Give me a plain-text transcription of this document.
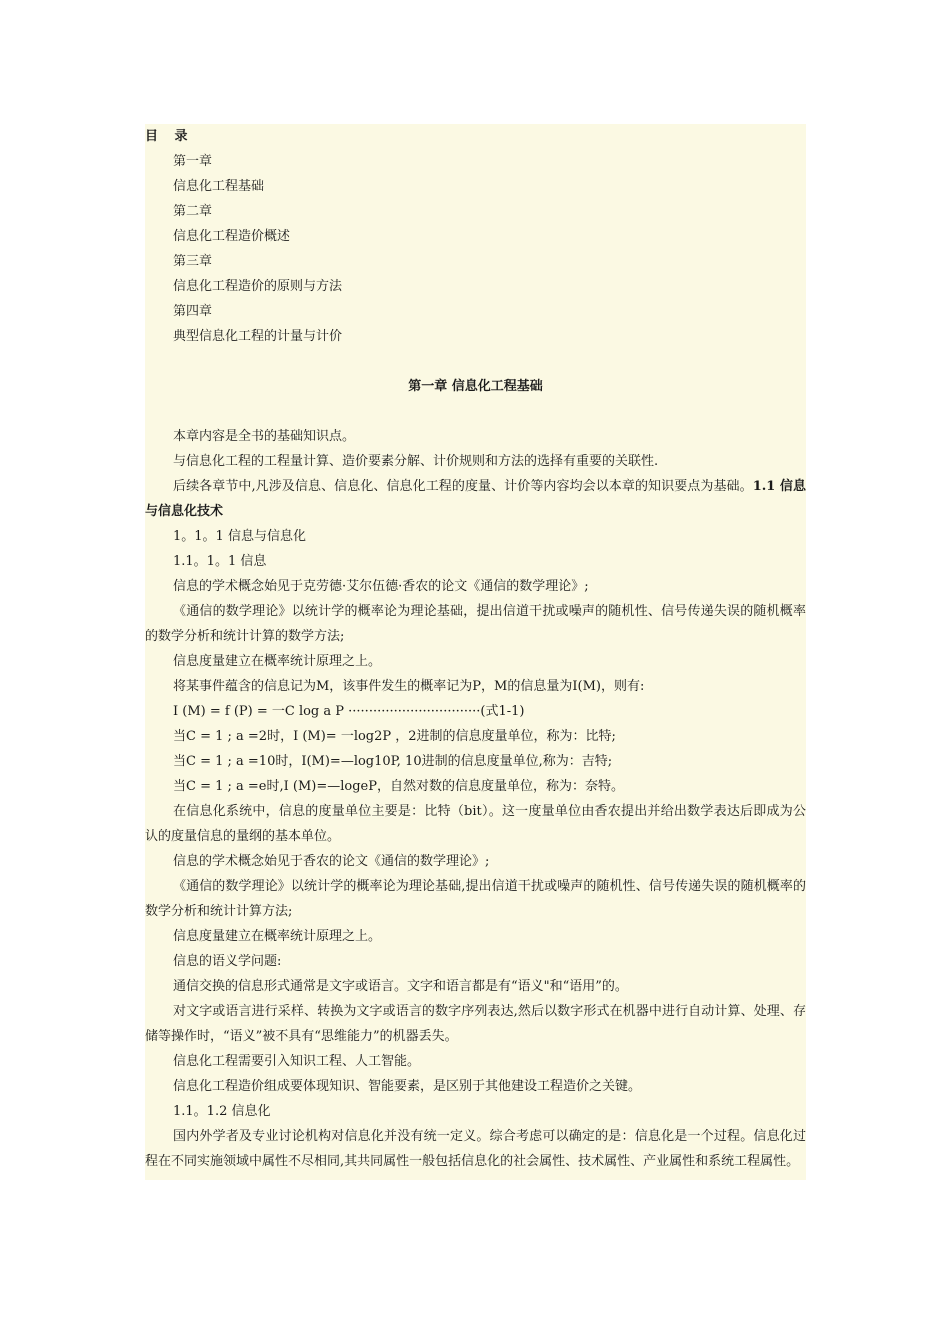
目 录
第一章
信息化工程基础
第二章
信息化工程造价概述
第三章
信息化工程造价的原则与方法
第四章
典型信息化工程的计量与计价
第一章 信息化工程基础
本章内容是全书的基础知识点。
与信息化工程的工程量计算、造价要素分解、计价规则和方法的选择有重要的关联性.
后续各章节中,凡涉及信息、信息化、信息化工程的度量、计价等内容均会以本章的知识要点为基础。1.1 信息与信息化技术
1。1。1 信息与信息化
1.1。1。1 信息
信息的学术概念始见于克劳德·艾尔伍德·香农的论文《通信的数学理论》;
《通信的数学理论》以统计学的概率论为理论基础，提出信道干扰或噪声的随机性、信号传递失误的随机概率的数学分析和统计计算的数学方法;
信息度量建立在概率统计原理之上。
将某事件蕴含的信息记为M，该事件发生的概率记为P，M的信息量为I(M)，则有:
I (M) = f (P) = 一C log a P ································(式1-1)
当C = 1 ; a =2时，I (M)= 一log2P ，2进制的信息度量单位，称为：比特;
当C = 1 ; a =10时，I(M)=—log10P, 10进制的信息度量单位,称为：吉特;
当C = 1 ; a =e时,I (M)=—logeP，自然对数的信息度量单位，称为：奈特。
在信息化系统中，信息的度量单位主要是：比特（bit）。这一度量单位由香农提出并给出数学表达后即成为公认的度量信息的量纲的基本单位。
信息的学术概念始见于香农的论文《通信的数学理论》;
《通信的数学理论》以统计学的概率论为理论基础,提出信道干扰或噪声的随机性、信号传递失误的随机概率的数学分析和统计计算方法;
信息度量建立在概率统计原理之上。
信息的语义学问题:
通信交换的信息形式通常是文字或语言。文字和语言都是有“语义"和“语用”的。
对文字或语言进行采样、转换为文字或语言的数字序列表达,然后以数字形式在机器中进行自动计算、处理、存储等操作时，“语义”被不具有“思维能力”的机器丢失。
信息化工程需要引入知识工程、人工智能。
信息化工程造价组成要体现知识、智能要素，是区别于其他建设工程造价之关键。
1.1。1.2 信息化
国内外学者及专业讨论机构对信息化并没有统一定义。综合考虑可以确定的是：信息化是一个过程。信息化过程在不同实施领域中属性不尽相同,其共同属性一般包括信息化的社会属性、技术属性、产业属性和系统工程属性。
